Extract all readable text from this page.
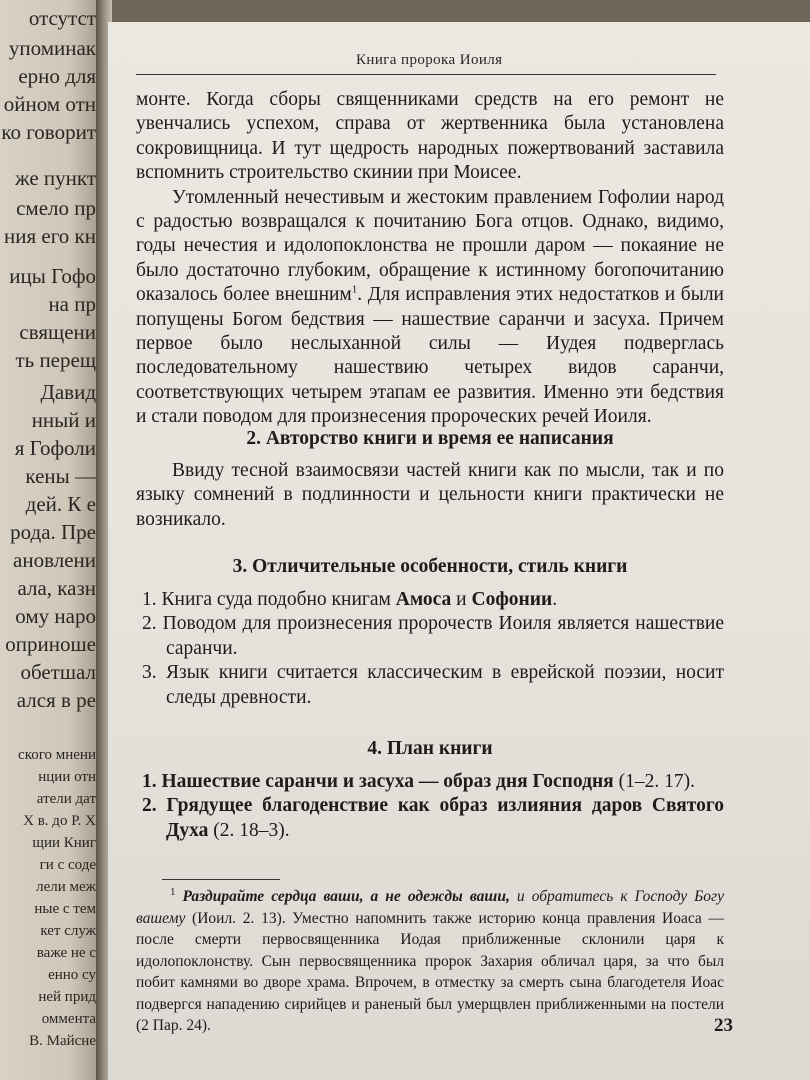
отсутст
упоминак
ерно для
ойном отн
ко говорит
же пункт
смело пр
ния его кн
ицы Гофо
на пр
священи
ть перещ
Давид
нный и
я Гофоли
кены —
дей. К е
рода. Пре
ановлени
ала, казн
ому наро
оприноше
обетшал
ался в ре
ского мнени
нции отн
атели дат
Х в. до Р. Х
щии Книг
ги с соде
лели меж
ные с тем
кет служ
важе не с
енно су
ней прид
оммента
В. Майсне
Книга пророка Иоиля

монте. Когда сборы священниками средств на его ремонт не увенчались успехом, справа от жертвенника была установлена сокровищница. И тут щедрость народных пожертвований заставила вспомнить строительство скинии при Моисее.

Утомленный нечестивым и жестоким правлением Гофолии народ с радостью возвращался к почитанию Бога отцов. Однако, видимо, годы нечестия и идолопоклонства не прошли даром — покаяние не было достаточно глубоким, обращение к истинному богопочитанию оказалось более внешним$^1$. Для исправления этих недостатков и были попущены Богом бедствия — нашествие саранчи и засуха. Причем первое было неслыханной силы — Иудея подверглась последовательному нашествию четырех видов саранчи, соответствующих четырем этапам ее развития. Именно эти бедствия и стали поводом для произнесения пророческих речей Иоиля.

2. Авторство книги и время ее написания

Ввиду тесной взаимосвязи частей книги как по мысли, так и по языку сомнений в подлинности и цельности книги практически не возникало.

3. Отличительные особенности, стиль книги
1. Книга суда подобно книгам Амоса и Софонии.
2. Поводом для произнесения пророчеств Иоиля является нашествие саранчи.
3. Язык книги считается классическим в еврейской поэзии, носит следы древности.
4. План книги
1. Нашествие саранчи и засуха — образ дня Господня (1–2. 17).
2. Грядущее благоденствие как образ излияния даров Святого Духа (2. 18–3).

$^1$ Раздирайте сердца ваши, а не одежды ваши, и обратитесь к Господу Богу вашему (Иоил. 2. 13). Уместно напомнить также историю конца правления Иоаса — после смерти первосвященника Иодая приближенные склонили царя к идолопоклонству. Сын первосвященника пророк Захария обличал царя, за что был побит камнями во дворе храма. Впрочем, в отместку за смерть сына благодетеля Иоас подвергся нападению сирийцев и раненый был умерщвлен приближенными на постели (2 Пар. 24).	23
